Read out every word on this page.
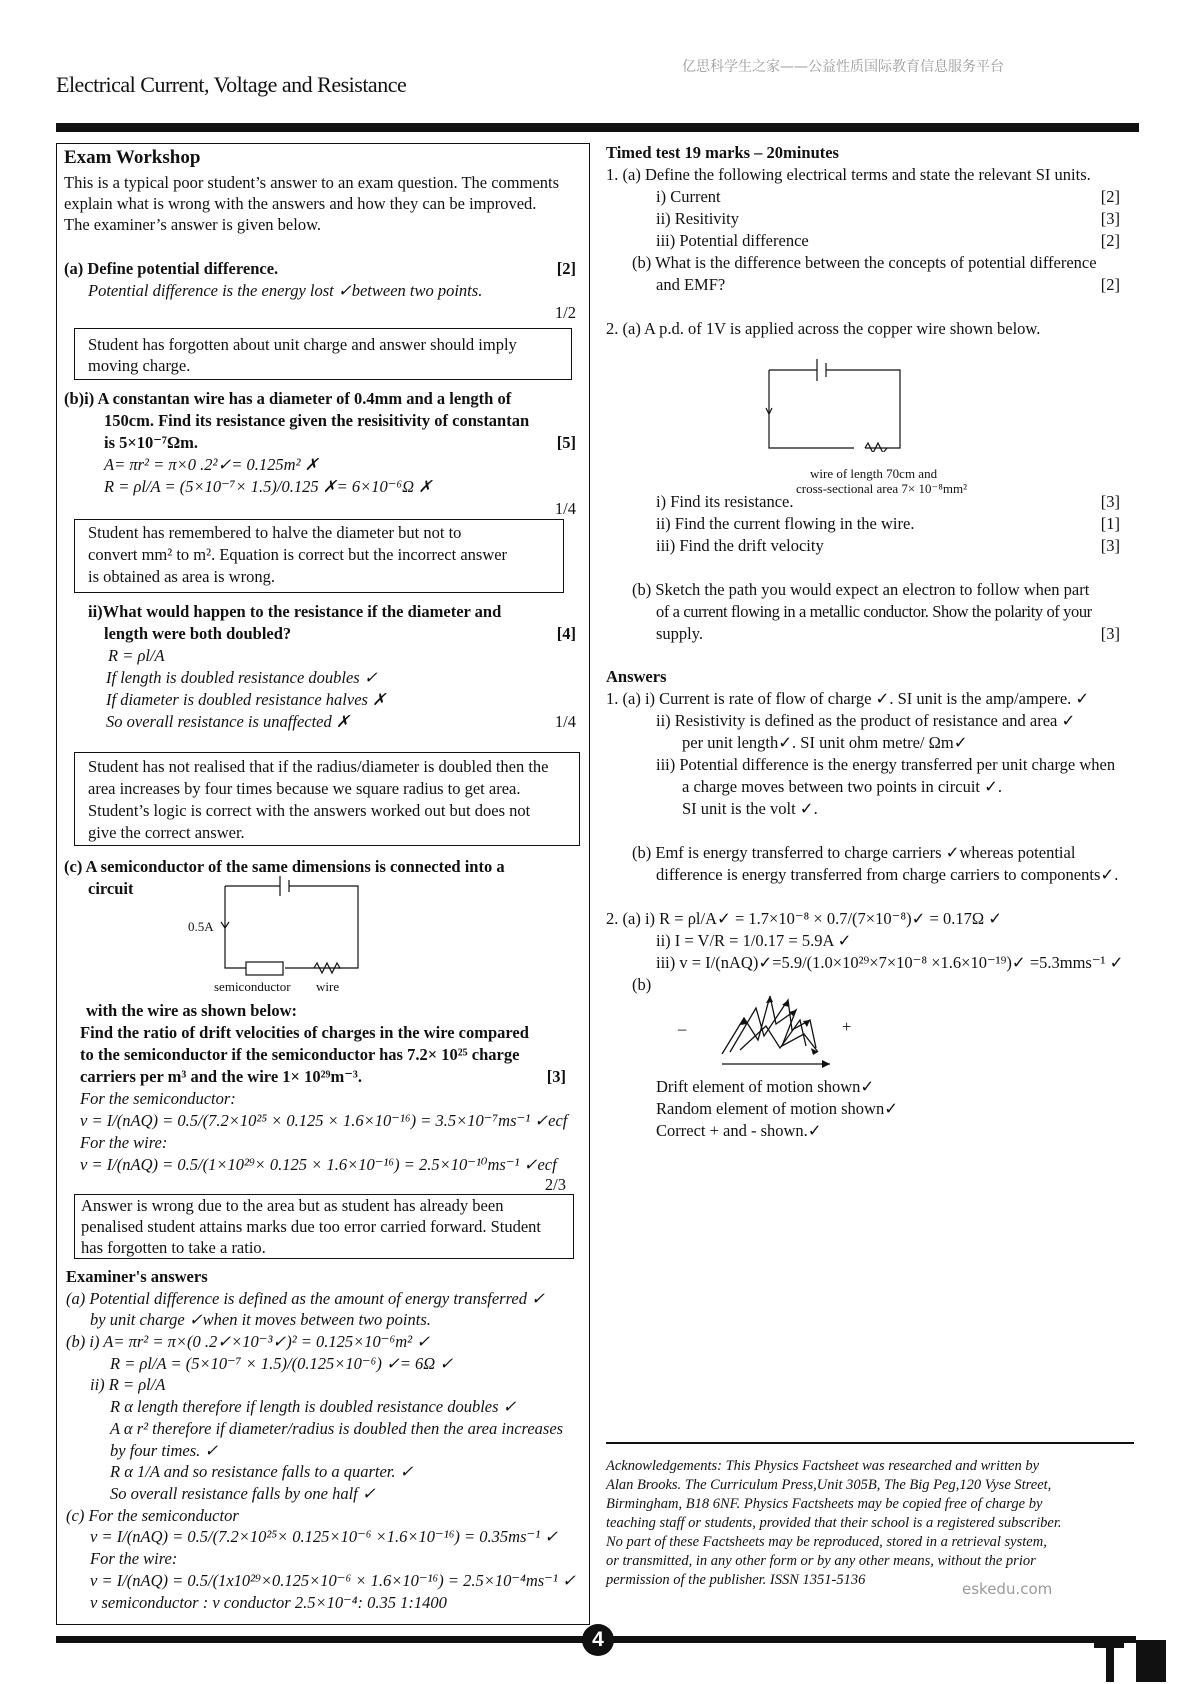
亿思科学生之家——公益性质国际教育信息服务平台
Electrical Current, Voltage and Resistance
Exam Workshop
This is a typical poor student’s answer to an exam question. The comments
explain what is wrong with the answers and how they can be improved.
The examiner’s answer is given below.
(a) Define potential difference.	[2]
Potential difference is the energy lost ✓between two points.
1/2
Student has forgotten about unit charge and answer should imply
moving charge.
(b)i) A constantan wire has a diameter of 0.4mm and a length of
150cm. Find its resistance given the resisitivity of constantan
is 5×10⁻⁷Ωm.	[5]
A= πr² = π×0 .2²✓= 0.125m² ✗
R = ρl/A = (5×10⁻⁷× 1.5)/0.125 ✗= 6×10⁻⁶Ω ✗
1/4
Student has remembered to halve the diameter but not to
convert mm² to m². Equation is correct but the incorrect answer
is obtained as area is wrong.
ii)What would happen to the resistance if the diameter and
length were both doubled?	[4]
R = ρl/A
If length is doubled resistance doubles ✓
If diameter is doubled resistance halves ✗
So overall resistance is unaffected ✗	1/4
Student has not realised that if the radius/diameter is doubled then the
area increases by four times because we square radius to get area.
Student’s logic is correct with the answers worked out but does not
give the correct answer.
(c) A semiconductor of the same dimensions is connected into a
circuit
0.5A
semiconductor wire
with the wire as shown below:
Find the ratio of drift velocities of charges in the wire compared
to the semiconductor if the semiconductor has 7.2× 10²⁵ charge
carriers per m³ and the wire 1× 10²⁹m⁻³.	[3]
For the semiconductor:
v = I/(nAQ) = 0.5/(7.2×10²⁵ × 0.125 × 1.6×10⁻¹⁶) = 3.5×10⁻⁷ms⁻¹ ✓ecf
For the wire:
v = I/(nAQ) = 0.5/(1×10²⁹× 0.125 × 1.6×10⁻¹⁶) = 2.5×10⁻¹⁰ms⁻¹ ✓ecf
2/3
Answer is wrong due to the area but as student has already been
penalised student attains marks due too error carried forward. Student
has forgotten to take a ratio.
Examiner's answers
(a) Potential difference is defined as the amount of energy transferred ✓
by unit charge ✓when it moves between two points.
(b) i) A= πr² = π×(0 .2✓×10⁻³✓)² = 0.125×10⁻⁶m² ✓
R = ρl/A = (5×10⁻⁷ × 1.5)/(0.125×10⁻⁶) ✓= 6Ω ✓
ii) R = ρl/A
R α length therefore if length is doubled resistance doubles ✓
A α r² therefore if diameter/radius is doubled then the area increases
by four times. ✓
R α 1/A and so resistance falls to a quarter. ✓
So overall resistance falls by one half ✓
(c) For the semiconductor
v = I/(nAQ) = 0.5/(7.2×10²⁵× 0.125×10⁻⁶ ×1.6×10⁻¹⁶) = 0.35ms⁻¹ ✓
For the wire:
v = I/(nAQ) = 0.5/(1x10²⁹×0.125×10⁻⁶ × 1.6×10⁻¹⁶) = 2.5×10⁻⁴ms⁻¹ ✓
v semiconductor : v conductor 2.5×10⁻⁴: 0.35 1:1400
Timed test 19 marks – 20minutes
1. (a) Define the following electrical terms and state the relevant SI units.
i) Current	[2]
ii) Resitivity	[3]
iii) Potential difference	[2]
(b) What is the difference between the concepts of potential difference
and EMF?	[2]
2. (a) A p.d. of 1V is applied across the copper wire shown below.
wire of length 70cm and
cross-sectional area 7× 10⁻⁸mm²
i) Find its resistance.	[3]
ii) Find the current flowing in the wire.	[1]
iii) Find the drift velocity	[3]
(b) Sketch the path you would expect an electron to follow when part
of a current flowing in a metallic conductor. Show the polarity of your
supply.	[3]
Answers
1. (a) i) Current is rate of flow of charge ✓. SI unit is the amp/ampere. ✓
ii) Resistivity is defined as the product of resistance and area ✓
per unit length✓. SI unit ohm metre/ Ωm✓
iii) Potential difference is the energy transferred per unit charge when
a charge moves between two points in circuit ✓.
SI unit is the volt ✓.
(b) Emf is energy transferred to charge carriers ✓whereas potential
difference is energy transferred from charge carriers to components✓.
2. (a) i) R = ρl/A✓ = 1.7×10⁻⁸ × 0.7/(7×10⁻⁸)✓ = 0.17Ω ✓
ii) I = V/R = 1/0.17 = 5.9A ✓
iii) v = I/(nAQ)✓=5.9/(1.0×10²⁹×7×10⁻⁸ ×1.6×10⁻¹⁹)✓ =5.3mms⁻¹ ✓
(b)
–	+
Drift element of motion shown✓
Random element of motion shown✓
Correct + and - shown.✓
Acknowledgements: This Physics Factsheet was researched and written by
Alan Brooks. The Curriculum Press,Unit 305B, The Big Peg,120 Vyse Street,
Birmingham, B18 6NF. Physics Factsheets may be copied free of charge by
teaching staff or students, provided that their school is a registered subscriber.
No part of these Factsheets may be reproduced, stored in a retrieval system,
or transmitted, in any other form or by any other means, without the prior
permission of the publisher. ISSN 1351-5136	eskedu.com
4
